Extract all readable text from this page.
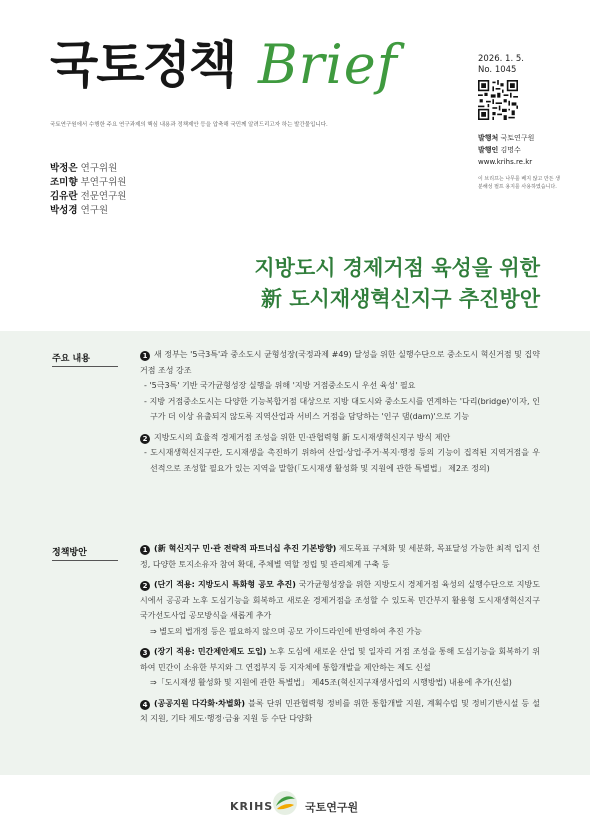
국토정책 Brief
국토연구원에서 수행한 주요 연구과제의 핵심 내용과 정책제안 등을 압축해 국민께 알려드리고자 하는 발간물입니다.
2026. 1. 5.
No. 1045
발행처 국토연구원
발행인 김명수
www.krihs.re.kr
이 브리프는 나무를 베지 않고 만든 생분해성 펄프 용지를 사용하였습니다.
박정은 연구위원
조미향 부연구위원
김유란 전문연구원
박성경 연구원
지방도시 경제거점 육성을 위한
新 도시재생혁신지구 추진방안
주요 내용	1 새 정부는 '5극3특'과 중소도시 균형성장(국정과제 #49) 달성을 위한 실행수단으로 중소도시 혁신거점 및 집약거점 조성 강조

- '5극3특' 기반 국가균형성장 실행을 위해 '지방 거점중소도시 우선 육성' 필요

- 지방 거점중소도시는 다양한 기능복합거점 대상으로 지방 대도시와 중소도시를 연계하는 '다리(bridge)'이자, 인구가 더 이상 유출되지 않도록 지역산업과 서비스 거점을 담당하는 '인구 댐(dam)'으로 기능

2 지방도시의 효율적 경제거점 조성을 위한 민·관협력형 新 도시재생혁신지구 방식 제안

- 도시재생혁신지구란, 도시재생을 촉진하기 위하여 산업·상업·주거·복지·행정 등의 기능이 집적된 지역거점을 우선적으로 조성할 필요가 있는 지역을 말함(「도시재생 활성화 및 지원에 관한 특별법」 제2조 정의)

정책방안	1 (新 혁신지구 민·관 전략적 파트너십 추진 기본방향) 제도목표 구체화 및 세분화, 목표달성 가능한 최적 입지 선정, 다양한 토지소유자 참여 확대, 주체별 역할 정립 및 관리체계 구축 등

2 (단기 적용: 지방도시 특화형 공모 추진) 국가균형성장을 위한 지방도시 경제거점 육성의 실행수단으로 지방도시에서 공공과 노후 도심기능을 회복하고 새로운 경제거점을 조성할 수 있도록 민간부지 활용형 도시재생혁신지구 국가선도사업 공모방식을 새롭게 추가

⇒ 별도의 법개정 등은 필요하지 않으며 공모 가이드라인에 반영하여 추진 가능

3 (장기 적용: 민간제안제도 도입) 노후 도심에 새로운 산업 및 일자리 거점 조성을 통해 도심기능을 회복하기 위하여 민간이 소유한 부지와 그 연접부지 등 지자체에 통합개발을 제안하는 제도 신설

⇒「도시재생 활성화 및 지원에 관한 특별법」 제45조(혁신지구재생사업의 시행방법) 내용에 추가(신설)

4 (공공지원 다각화·차별화) 블록 단위 민관협력형 정비를 위한 통합개발 지원, 계획수립 및 정비기반시설 등 설치 지원, 기타 제도·행정·금융 지원 등 수단 다양화

KRIHS	국토연구원
